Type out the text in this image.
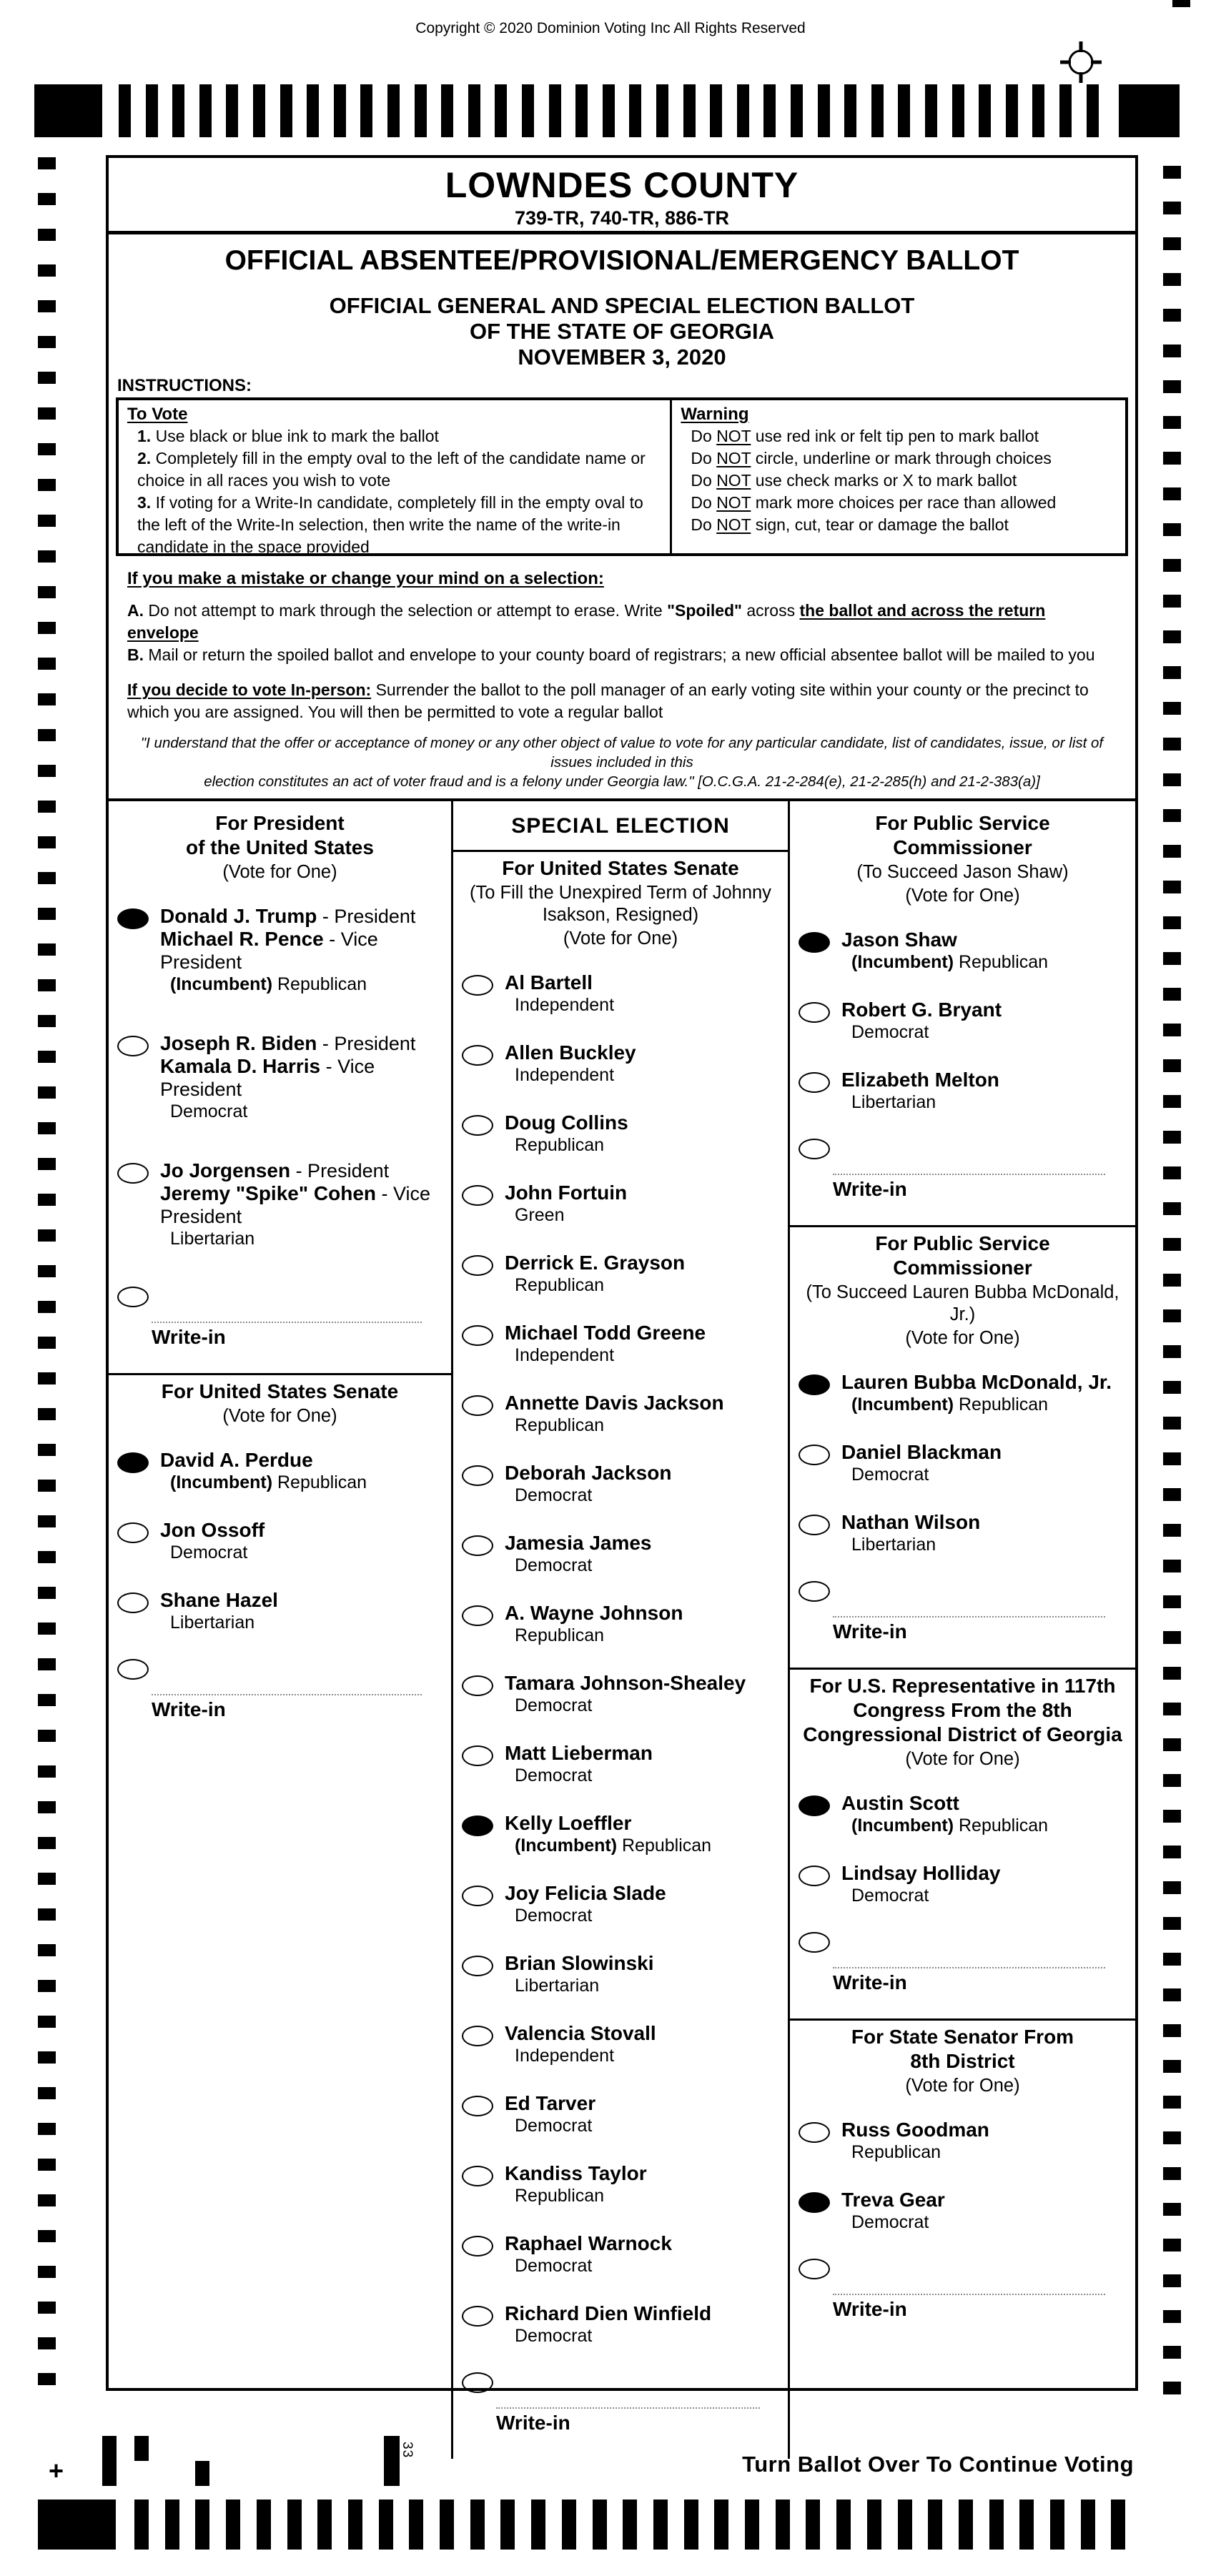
Copyright © 2020 Dominion Voting Inc All Rights Reserved
LOWNDES COUNTY
739-TR, 740-TR, 886-TR
OFFICIAL ABSENTEE/PROVISIONAL/EMERGENCY BALLOT
OFFICIAL GENERAL AND SPECIAL ELECTION BALLOT
OF THE STATE OF GEORGIA
NOVEMBER 3, 2020
INSTRUCTIONS:
To Vote
1. Use black or blue ink to mark the ballot
2. Completely fill in the empty oval to the left of the candidate name or choice in all races you wish to vote
3. If voting for a Write-In candidate, completely fill in the empty oval to the left of the Write-In selection, then write the name of the write-in candidate in the space provided
Warning
Do NOT use red ink or felt tip pen to mark ballot
Do NOT circle, underline or mark through choices
Do NOT use check marks or X to mark ballot
Do NOT mark more choices per race than allowed
Do NOT sign, cut, tear or damage the ballot
If you make a mistake or change your mind on a selection:
A. Do not attempt to mark through the selection or attempt to erase. Write "Spoiled" across the ballot and across the return envelope
B. Mail or return the spoiled ballot and envelope to your county board of registrars; a new official absentee ballot will be mailed to you
If you decide to vote In-person: Surrender the ballot to the poll manager of an early voting site within your county or the precinct to which you are assigned. You will then be permitted to vote a regular ballot
"I understand that the offer or acceptance of money or any other object of value to vote for any particular candidate, list of candidates, issue, or list of issues included in this
election constitutes an act of voter fraud and is a felony under Georgia law." [O.C.G.A. 21-2-284(e), 21-2-285(h) and 21-2-383(a)]
For President
of the United States
(Vote for One)
Donald J. Trump - President
Michael R. Pence - Vice President
(Incumbent) Republican
Joseph R. Biden - President
Kamala D. Harris - Vice President
Democrat
Jo Jorgensen - President
Jeremy "Spike" Cohen - Vice President
Libertarian
Write-in
For United States Senate
(Vote for One)
David A. Perdue
(Incumbent) Republican
Jon Ossoff
Democrat
Shane Hazel
Libertarian
Write-in
SPECIAL ELECTION
For United States Senate
(To Fill the Unexpired Term of Johnny Isakson, Resigned)
(Vote for One)
Al Bartell
Independent
Allen Buckley
Independent
Doug Collins
Republican
John Fortuin
Green
Derrick E. Grayson
Republican
Michael Todd Greene
Independent
Annette Davis Jackson
Republican
Deborah Jackson
Democrat
Jamesia James
Democrat
A. Wayne Johnson
Republican
Tamara Johnson-Shealey
Democrat
Matt Lieberman
Democrat
Kelly Loeffler
(Incumbent) Republican
Joy Felicia Slade
Democrat
Brian Slowinski
Libertarian
Valencia Stovall
Independent
Ed Tarver
Democrat
Kandiss Taylor
Republican
Raphael Warnock
Democrat
Richard Dien Winfield
Democrat
Write-in
For Public Service
Commissioner
(To Succeed Jason Shaw)
(Vote for One)
Jason Shaw
(Incumbent) Republican
Robert G. Bryant
Democrat
Elizabeth Melton
Libertarian
Write-in
For Public Service
Commissioner
(To Succeed Lauren Bubba McDonald, Jr.)
(Vote for One)
Lauren Bubba McDonald, Jr.
(Incumbent) Republican
Daniel Blackman
Democrat
Nathan Wilson
Libertarian
Write-in
For U.S. Representative in 117th
Congress From the 8th
Congressional District of Georgia
(Vote for One)
Austin Scott
(Incumbent) Republican
Lindsay Holliday
Democrat
Write-in
For State Senator From
8th District
(Vote for One)
Russ Goodman
Republican
Treva Gear
Democrat
Write-in
+
33
Turn Ballot Over To Continue Voting
